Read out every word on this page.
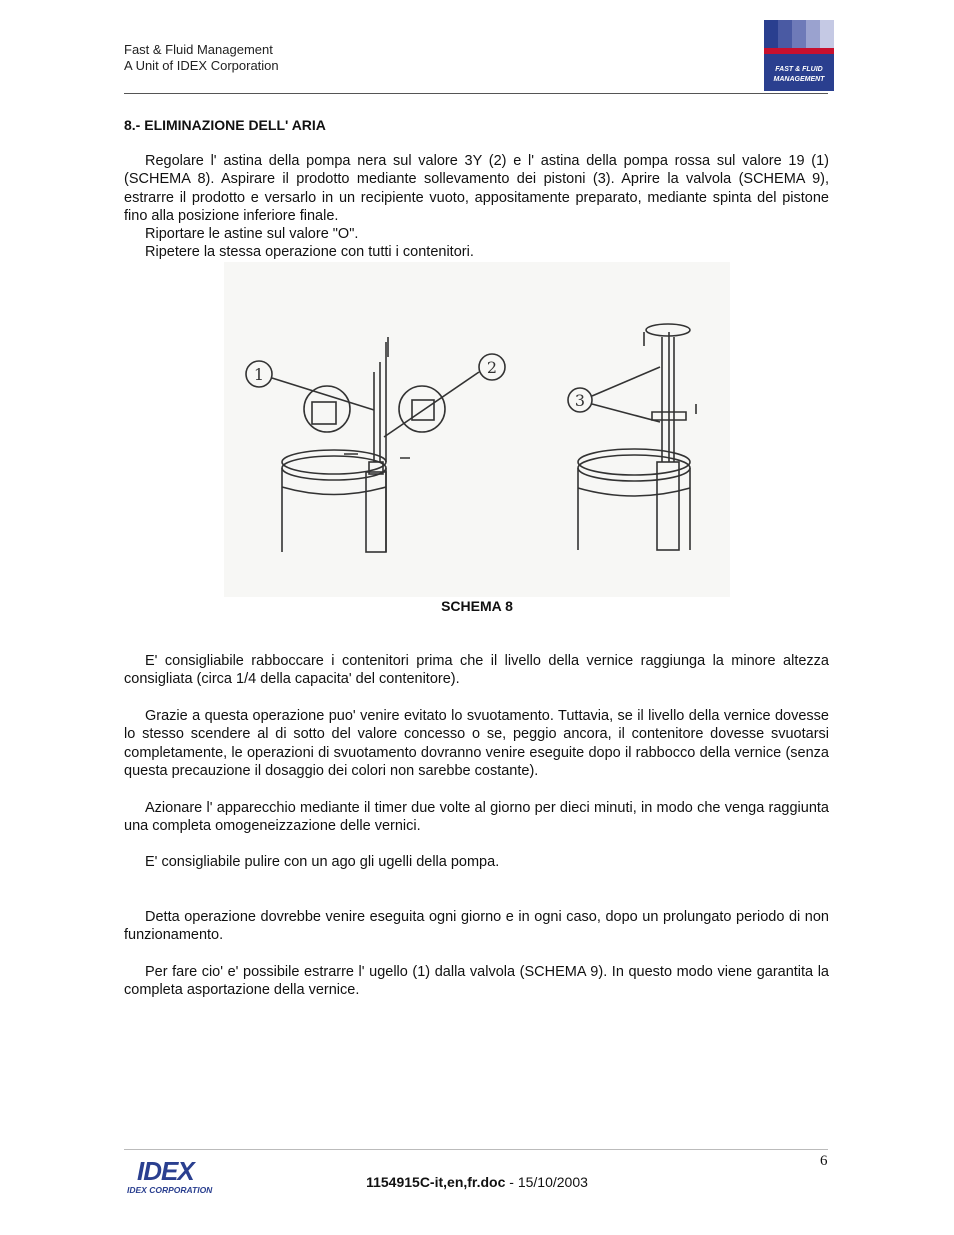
Fast & Fluid Management
A Unit of IDEX Corporation	FAST & FLUID
MANAGEMENT
8.- ELIMINAZIONE DELL' ARIA

Regolare l' astina della pompa nera sul valore 3Y (2) e l' astina della pompa rossa sul valore 19 (1) (SCHEMA 8). Aspirare il prodotto mediante sollevamento dei pistoni (3). Aprire la valvola (SCHEMA 9), estrarre il prodotto e versarlo in un recipiente vuoto, appositamente preparato, mediante spinta del pistone fino alla posizione inferiore finale.

Riportare le astine sul valore "O".
Ripetere la stessa operazione con tutti i contenitori.
1	2
3
SCHEMA 8

E' consigliabile rabboccare i contenitori prima che il livello della vernice raggiunga la minore altezza consigliata (circa 1/4 della capacita' del contenitore).

Grazie a questa operazione puo' venire evitato lo svuotamento. Tuttavia, se il livello della vernice dovesse lo stesso scendere al di sotto del valore concesso o se, peggio ancora, il contenitore dovesse svuotarsi completamente, le operazioni di svuotamento dovranno venire eseguite dopo il rabbocco della vernice (senza questa precauzione il dosaggio dei colori non sarebbe costante).

Azionare l' apparecchio mediante il timer due volte al giorno per dieci minuti, in modo che venga raggiunta una completa omogeneizzazione delle vernici.

E' consigliabile pulire con un ago gli ugelli della pompa.

Detta operazione dovrebbe venire eseguita ogni giorno e in ogni caso, dopo un prolungato periodo di non funzionamento.

Per fare cio' e' possibile estrarre l' ugello (1) dalla valvola (SCHEMA 9). In questo modo viene garantita la completa asportazione della vernice.

IDEX
IDEX CORPORATION
6
1154915C-it,en,fr.doc - 15/10/2003
